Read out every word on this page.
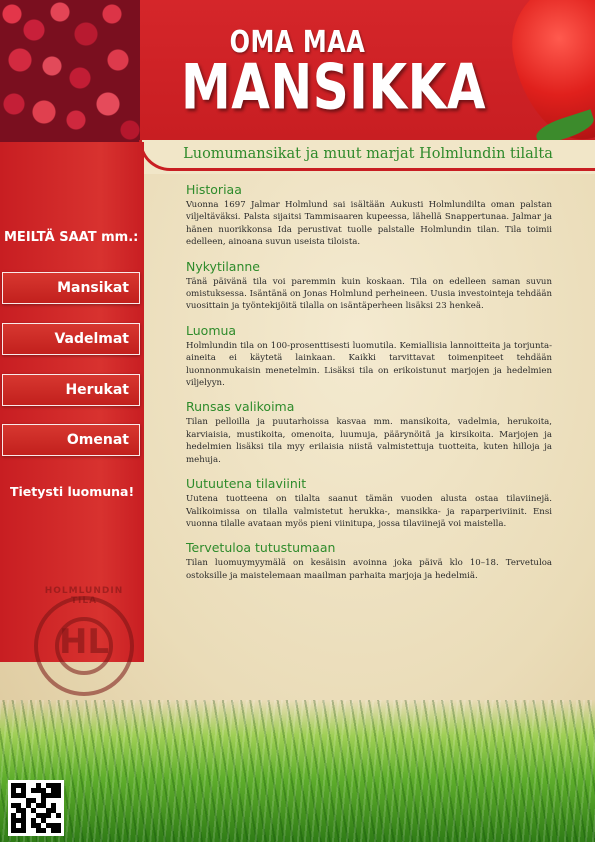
OMA MAA
MANSIKKA
Luomumansikat ja muut marjat Holmlundin tilalta
MEILTÄ SAAT mm.:
Mansikat
Vadelmat
Herukat
Omenat
Tietysti luomuna!
HOLMLUNDIN TILA
HL
Historiaa

Vuonna 1697 Jalmar Holmlund sai isältään Aukusti Holmlundilta oman palstan viljeltäväksi. Palsta sijaitsi Tammisaaren kupeessa, lähellä Snappertunaa. Jalmar ja hänen nuorikkonsa Ida perustivat tuolle palstalle Holmlundin tilan. Tila toimii edelleen, ainoana suvun useista tiloista.

Nykytilanne

Tänä päivänä tila voi paremmin kuin koskaan. Tila on edelleen saman suvun omistuksessa. Isäntänä on Jonas Holmlund perheineen. Uusia investointeja tehdään vuosittain ja työntekijöitä tilalla on isäntäperheen lisäksi 23 henkeä.

Luomua

Holmlundin tila on 100-prosenttisesti luomutila. Kemiallisia lannoitteita ja torjunta-aineita ei käytetä lainkaan. Kaikki tarvittavat toimenpiteet tehdään luonnonmukaisin menetelmin. Lisäksi tila on erikoistunut marjojen ja hedelmien viljelyyn.

Runsas valikoima

Tilan pelloilla ja puutarhoissa kasvaa mm. mansikoita, vadelmia, herukoita, karviaisia, mustikoita, omenoita, luumuja, päärynöitä ja kirsikoita. Marjojen ja hedelmien lisäksi tila myy erilaisia niistä valmistettuja tuotteita, kuten hilloja ja mehuja.

Uutuutena tilaviinit

Uutena tuotteena on tilalta saanut tämän vuoden alusta ostaa tilaviinejä. Valikoimissa on tilalla valmistetut herukka-, mansikka- ja raparperiviinit. Ensi vuonna tilalle avataan myös pieni viinitupa, jossa tilaviinejä voi maistella.

Tervetuloa tutustumaan

Tilan luomuymyymälä on kesäisin avoinna joka päivä klo 10–18. Tervetuloa ostoksille ja maistelemaan maailman parhaita marjoja ja hedelmiä.
